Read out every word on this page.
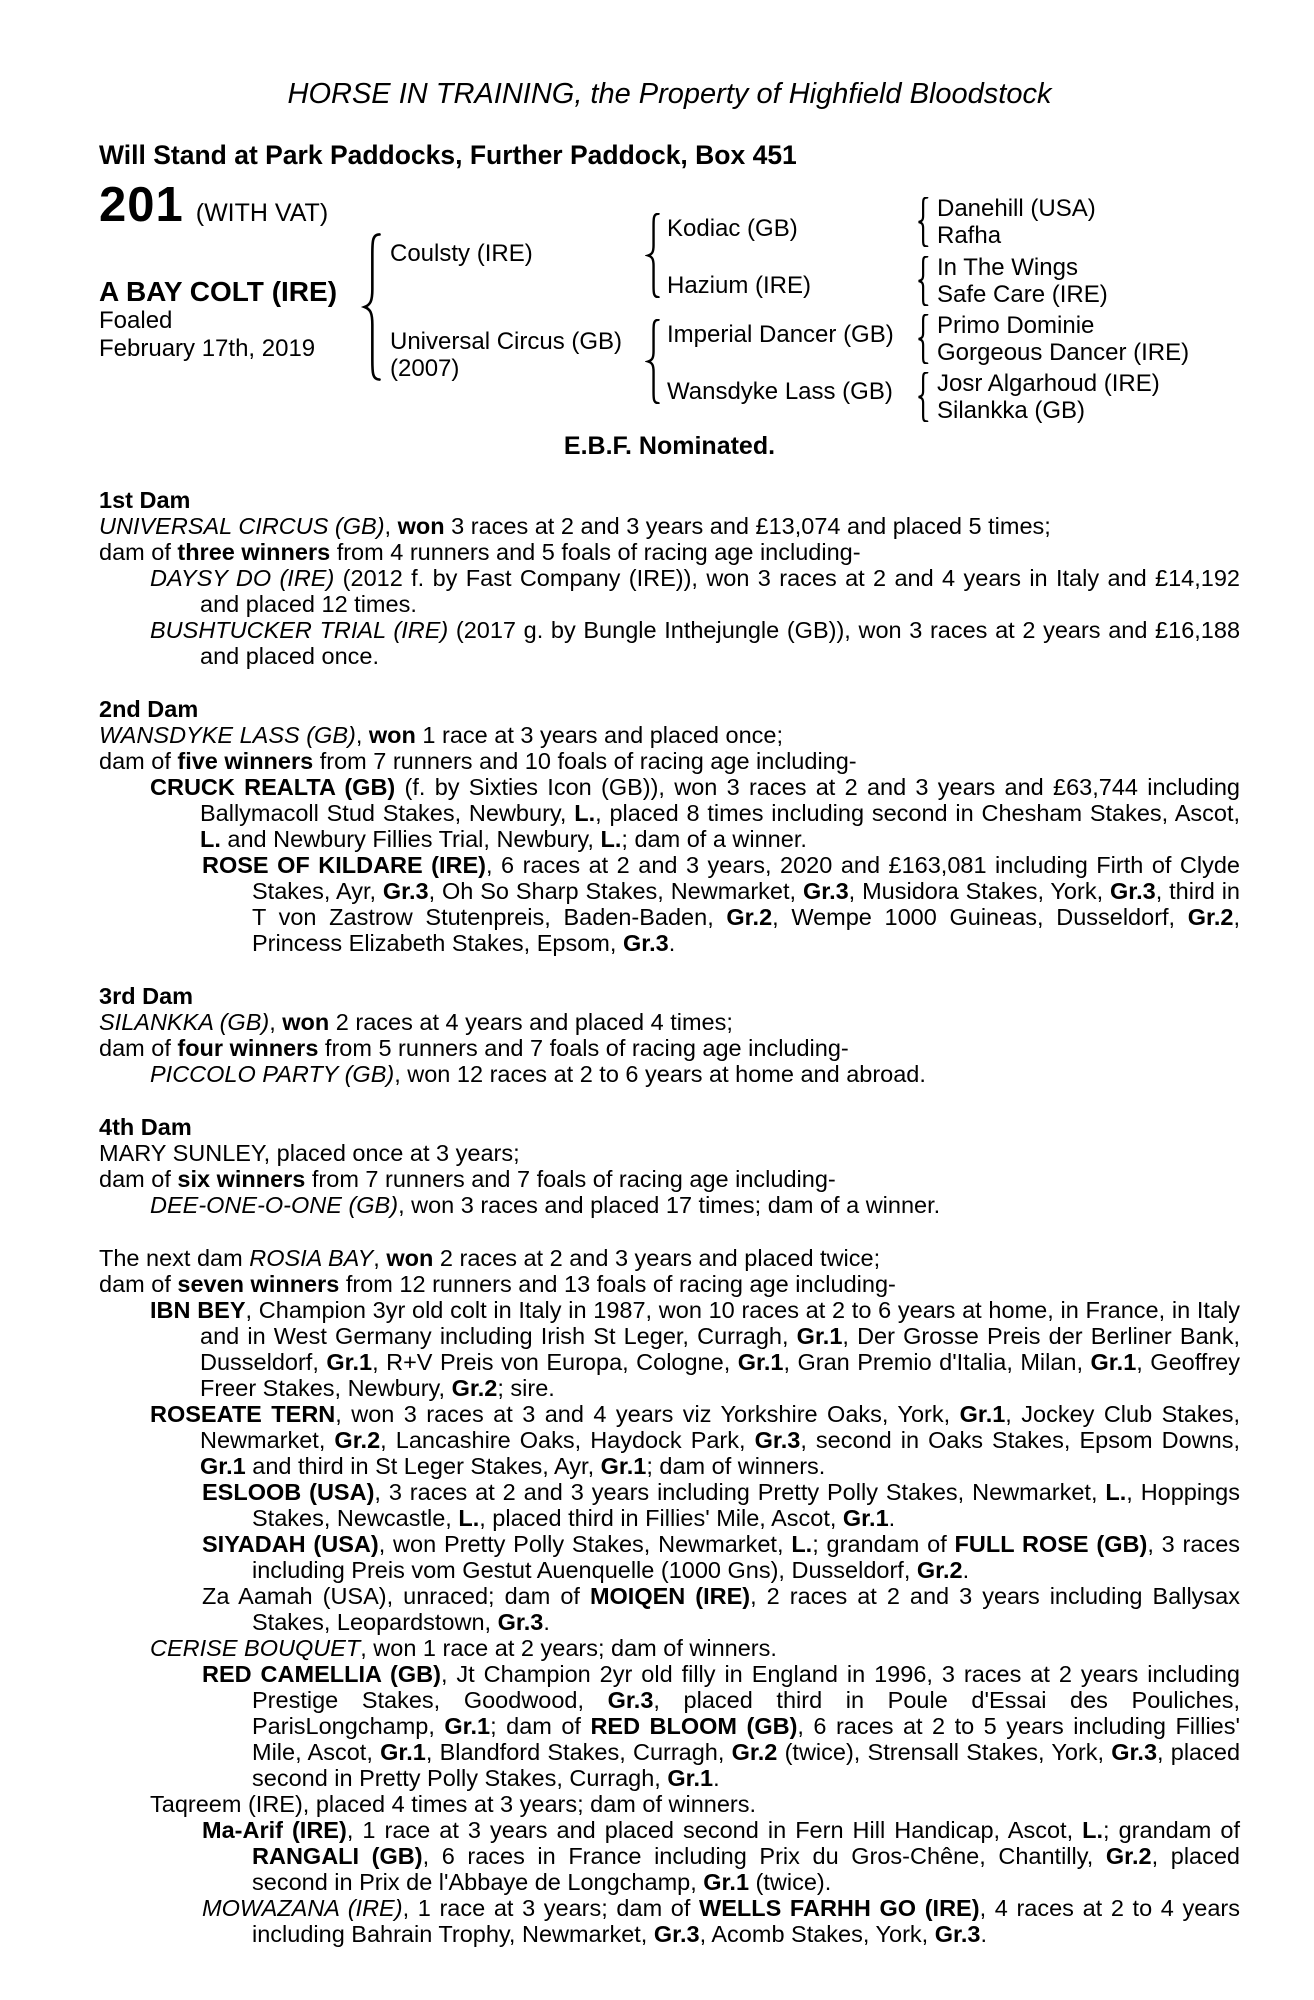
HORSE IN TRAINING, the Property of Highfield Bloodstock
Will Stand at Park Paddocks, Further Paddock, Box 451
201 (WITH VAT)
A BAY COLT (IRE)
Foaled
February 17th, 2019
Coulsty (IRE)
Universal Circus (GB)
(2007)
Kodiac (GB)
Hazium (IRE)
Imperial Dancer (GB)
Wansdyke Lass (GB)
Danehill (USA)
Rafha
In The Wings
Safe Care (IRE)
Primo Dominie
Gorgeous Dancer (IRE)
Josr Algarhoud (IRE)
Silankka (GB)
E.B.F. Nominated.
1st Dam
UNIVERSAL CIRCUS (GB), won 3 races at 2 and 3 years and £13,074 and placed 5 times;
dam of three winners from 4 runners and 5 foals of racing age including-
DAYSY DO (IRE) (2012 f. by Fast Company (IRE)), won 3 races at 2 and 4 years in Italy and £14,192 and placed 12 times.
BUSHTUCKER TRIAL (IRE) (2017 g. by Bungle Inthejungle (GB)), won 3 races at 2 years and £16,188 and placed once.
2nd Dam
WANSDYKE LASS (GB), won 1 race at 3 years and placed once;
dam of five winners from 7 runners and 10 foals of racing age including-
CRUCK REALTA (GB) (f. by Sixties Icon (GB)), won 3 races at 2 and 3 years and £63,744 including Ballymacoll Stud Stakes, Newbury, L., placed 8 times including second in Chesham Stakes, Ascot, L. and Newbury Fillies Trial, Newbury, L.; dam of a winner.
ROSE OF KILDARE (IRE), 6 races at 2 and 3 years, 2020 and £163,081 including Firth of Clyde Stakes, Ayr, Gr.3, Oh So Sharp Stakes, Newmarket, Gr.3, Musidora Stakes, York, Gr.3, third in T von Zastrow Stutenpreis, Baden-Baden, Gr.2, Wempe 1000 Guineas, Dusseldorf, Gr.2, Princess Elizabeth Stakes, Epsom, Gr.3.
3rd Dam
SILANKKA (GB), won 2 races at 4 years and placed 4 times;
dam of four winners from 5 runners and 7 foals of racing age including-
PICCOLO PARTY (GB), won 12 races at 2 to 6 years at home and abroad.
4th Dam
MARY SUNLEY, placed once at 3 years;
dam of six winners from 7 runners and 7 foals of racing age including-
DEE-ONE-O-ONE (GB), won 3 races and placed 17 times; dam of a winner.
The next dam ROSIA BAY, won 2 races at 2 and 3 years and placed twice;
dam of seven winners from 12 runners and 13 foals of racing age including-
IBN BEY, Champion 3yr old colt in Italy in 1987, won 10 races at 2 to 6 years at home, in France, in Italy and in West Germany including Irish St Leger, Curragh, Gr.1, Der Grosse Preis der Berliner Bank, Dusseldorf, Gr.1, R+V Preis von Europa, Cologne, Gr.1, Gran Premio d'Italia, Milan, Gr.1, Geoffrey Freer Stakes, Newbury, Gr.2; sire.
ROSEATE TERN, won 3 races at 3 and 4 years viz Yorkshire Oaks, York, Gr.1, Jockey Club Stakes, Newmarket, Gr.2, Lancashire Oaks, Haydock Park, Gr.3, second in Oaks Stakes, Epsom Downs, Gr.1 and third in St Leger Stakes, Ayr, Gr.1; dam of winners.
ESLOOB (USA), 3 races at 2 and 3 years including Pretty Polly Stakes, Newmarket, L., Hoppings Stakes, Newcastle, L., placed third in Fillies' Mile, Ascot, Gr.1.
SIYADAH (USA), won Pretty Polly Stakes, Newmarket, L.; grandam of FULL ROSE (GB), 3 races including Preis vom Gestut Auenquelle (1000 Gns), Dusseldorf, Gr.2.
Za Aamah (USA), unraced; dam of MOIQEN (IRE), 2 races at 2 and 3 years including Ballysax Stakes, Leopardstown, Gr.3.
CERISE BOUQUET, won 1 race at 2 years; dam of winners.
RED CAMELLIA (GB), Jt Champion 2yr old filly in England in 1996, 3 races at 2 years including Prestige Stakes, Goodwood, Gr.3, placed third in Poule d'Essai des Pouliches, ParisLongchamp, Gr.1; dam of RED BLOOM (GB), 6 races at 2 to 5 years including Fillies' Mile, Ascot, Gr.1, Blandford Stakes, Curragh, Gr.2 (twice), Strensall Stakes, York, Gr.3, placed second in Pretty Polly Stakes, Curragh, Gr.1.
Taqreem (IRE), placed 4 times at 3 years; dam of winners.
Ma-Arif (IRE), 1 race at 3 years and placed second in Fern Hill Handicap, Ascot, L.; grandam of RANGALI (GB), 6 races in France including Prix du Gros-Chêne, Chantilly, Gr.2, placed second in Prix de l'Abbaye de Longchamp, Gr.1 (twice).
MOWAZANA (IRE), 1 race at 3 years; dam of WELLS FARHH GO (IRE), 4 races at 2 to 4 years including Bahrain Trophy, Newmarket, Gr.3, Acomb Stakes, York, Gr.3.
